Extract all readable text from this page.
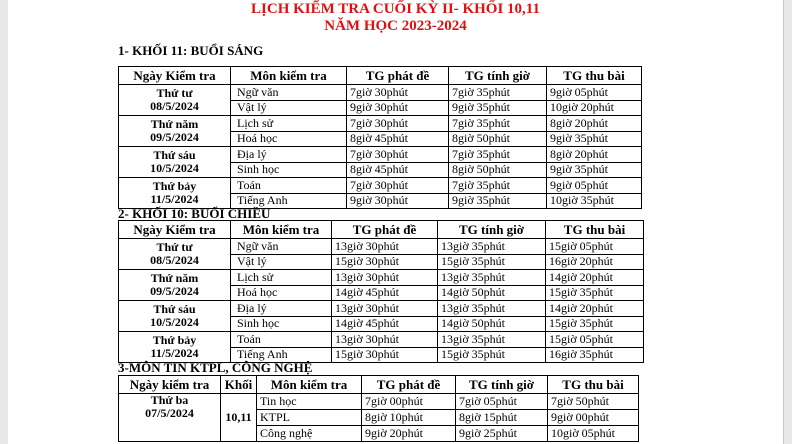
LỊCH KIỂM TRA CUỐI KỲ II- KHỐI 10,11
NĂM HỌC 2023-2024
1- KHỐI 11: BUỔI SÁNG
Ngày Kiểm tra	Môn kiểm tra	TG phát đề	TG tính giờ	TG thu bài

Thứ tư
08/5/2024	Ngữ văn	7giờ 30phút	7giờ 35phút	9giờ 05phút
	Vật lý	9giờ 30phút	9giờ 35phút	10giờ 20phút

Thứ năm
09/5/2024	Lịch sử	7giờ 30phút	7giờ 35phút	8giờ 20phút
	Hoá học	8giờ 45phút	8giờ 50phút	9giờ 35phút

Thứ sáu
10/5/2024	Địa lý	7giờ 30phút	7giờ 35phút	8giờ 20phút
	Sinh học	8giờ 45phút	8giờ 50phút	9giờ 35phút

Thứ bảy
11/5/2024	Toán	7giờ 30phút	7giờ 35phút	9giờ 05phút
	Tiếng Anh	9giờ 30phút	9giờ 35phút	10giờ 35phút
2- KHỐI 10: BUỔI CHIỀU
Ngày Kiểm tra	Môn kiểm tra	TG phát đề	TG tính giờ	TG thu bài

Thứ tư
08/5/2024	Ngữ văn	13giờ 30phút	13giờ 35phút	15giờ 05phút
	Vật lý	15giờ 30phút	15giờ 35phút	16giờ 20phút

Thứ năm
09/5/2024	Lịch sử	13giờ 30phút	13giờ 35phút	14giờ 20phút
	Hoá học	14giờ 45phút	14giờ 50phút	15giờ 35phút

Thứ sáu
10/5/2024	Địa lý	13giờ 30phút	13giờ 35phút	14giờ 20phút
	Sinh học	14giờ 45phút	14giờ 50phút	15giờ 35phút

Thứ bảy
11/5/2024	Toán	13giờ 30phút	13giờ 35phút	15giờ 05phút
	Tiếng Anh	15giờ 30phút	15giờ 35phút	16giờ 35phút
3-MÔN TIN KTPL, CÔNG NGHỆ
Ngày kiểm tra	Khối	Môn kiểm tra	TG phát đề	TG tính giờ	TG thu bài

Thứ ba
07/5/2024	10,11	Tin học	7giờ 00phút	7giờ 05phút	7giờ 50phút
		KTPL	8giờ 10phút	8giờ 15phút	9giờ 00phút
		Công nghệ	9giờ 20phút	9giờ 25phút	10giờ 05phút
